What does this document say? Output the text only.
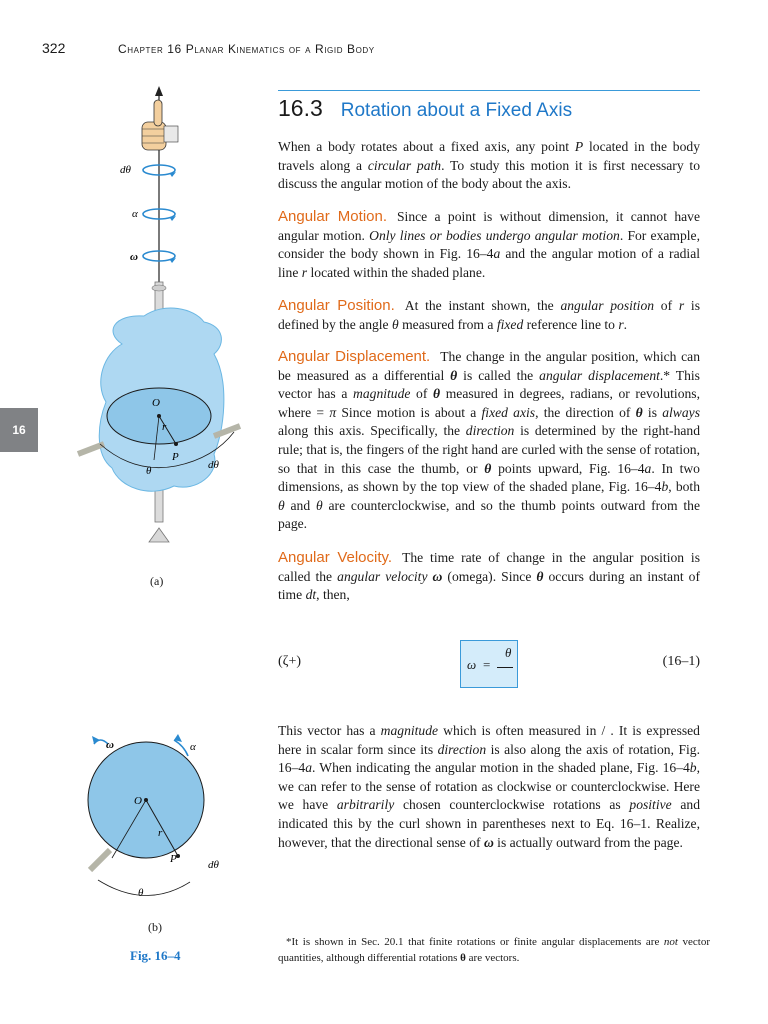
322	Chapter 16 Planar Kinematics of a Rigid Body
16
16.3 Rotation about a Fixed Axis
When a body rotates about a fixed axis, any point P located in the body travels along a circular path. To study this motion it is first necessary to discuss the angular motion of the body about the axis.
Angular Motion. Since a point is without dimension, it cannot have angular motion. Only lines or bodies undergo angular motion. For example, consider the body shown in Fig. 16–4a and the angular motion of a radial line r located within the shaded plane.
Angular Position. At the instant shown, the angular position of r is defined by the angle θ measured from a fixed reference line to r.
Angular Displacement. The change in the angular position, which can be measured as a differential θ is called the angular displacement.* This vector has a magnitude of θ measured in degrees, radians, or revolutions, where = π Since motion is about a fixed axis, the direction of θ is always along this axis. Specifically, the direction is determined by the right-hand rule; that is, the fingers of the right hand are curled with the sense of rotation, so that in this case the thumb, or θ points upward, Fig. 16–4a. In two dimensions, as shown by the top view of the shaded plane, Fig. 16–4b, both θ and θ are counterclockwise, and so the thumb points outward from the page.
Angular Velocity. The time rate of change in the angular position is called the angular velocity ω (omega). Since θ occurs during an instant of time dt, then,
(ζ+)	ω =
θ
(16–1)
This vector has a magnitude which is often measured in / . It is expressed here in scalar form since its direction is also along the axis of rotation, Fig. 16–4a. When indicating the angular motion in the shaded plane, Fig. 16–4b, we can refer to the sense of rotation as clockwise or counterclockwise. Here we have arbitrarily chosen counterclockwise rotations as positive and indicated this by the curl shown in parentheses next to Eq. 16–1. Realize, however, that the directional sense of ω is actually outward from the page.
*It is shown in Sec. 20.1 that finite rotations or finite angular displacements are not vector quantities, although differential rotations θ are vectors.
dθ
α
ω
O
r
P
θ	dθ
(a)
ω	α
O
r
P	dθ
θ
(b)
Fig. 16–4
